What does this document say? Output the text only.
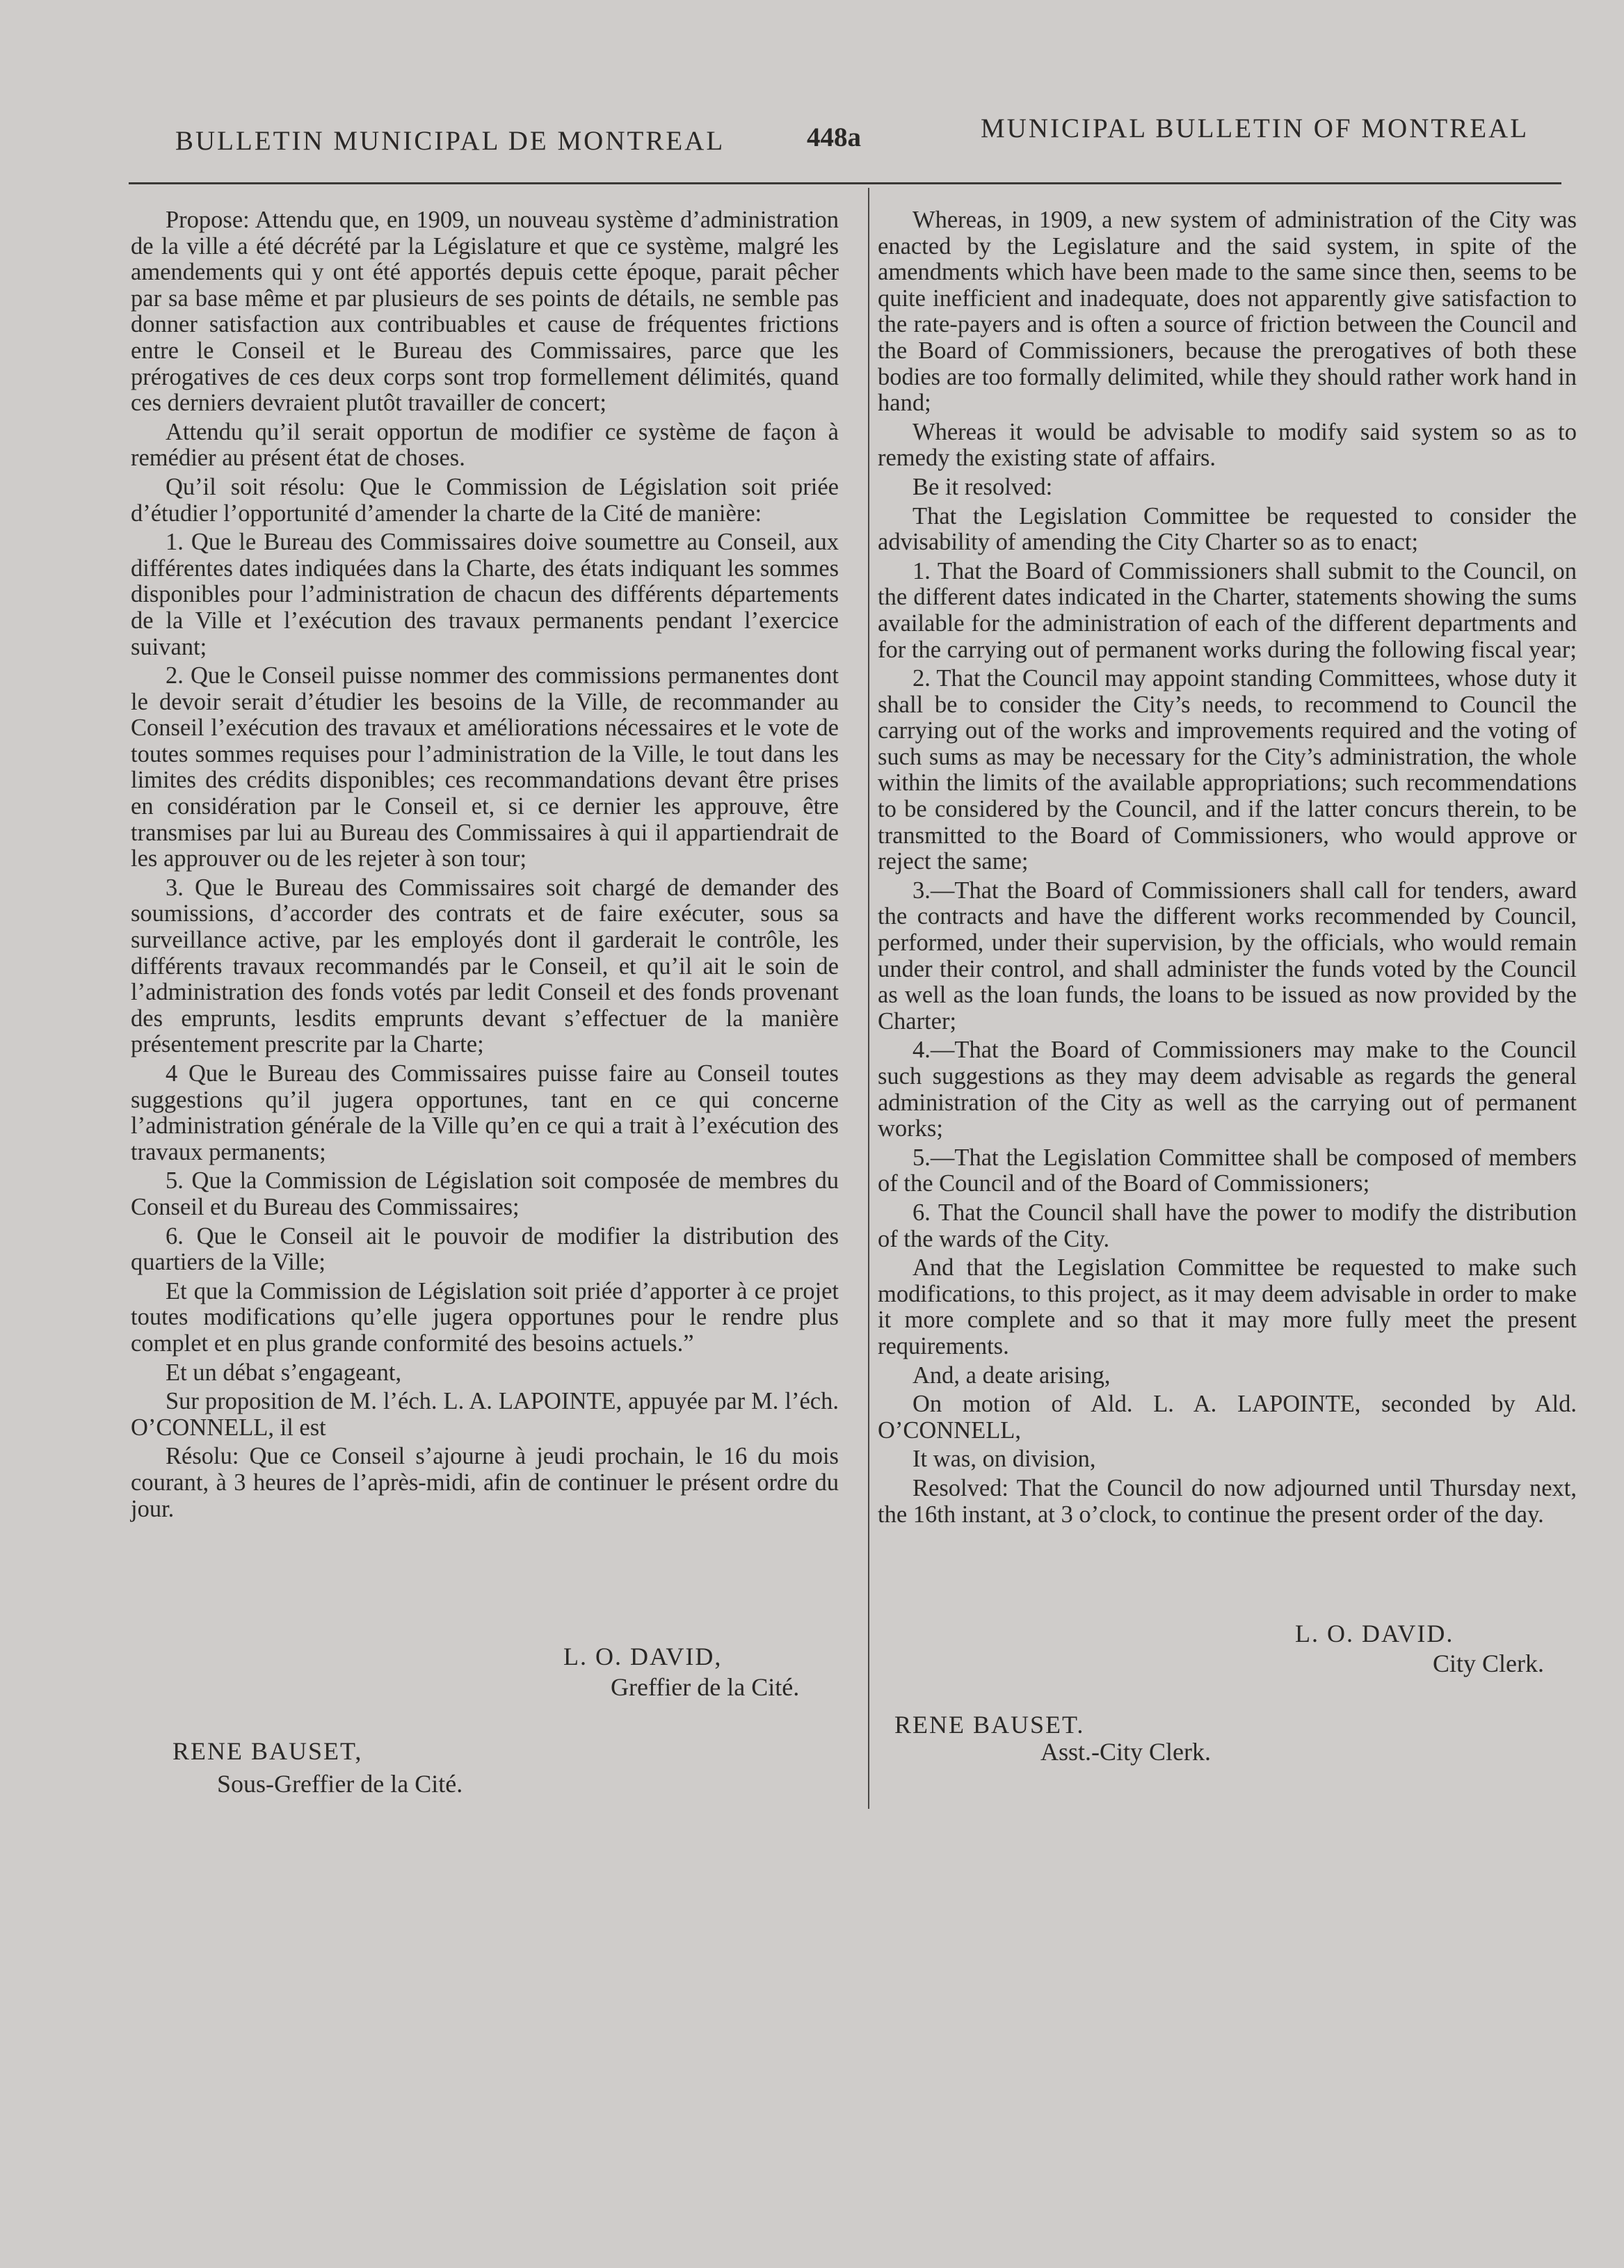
BULLETIN MUNICIPAL DE MONTREAL	448a	MUNICIPAL BULLETIN OF MONTREAL

Propose: Attendu que, en 1909, un nouveau système d’administration de la ville a été décrété par la Législature et que ce système, malgré les amendements qui y ont été apportés depuis cette époque, parait pêcher par sa base même et par plusieurs de ses points de détails, ne semble pas donner satisfaction aux contribuables et cause de fréquentes frictions entre le Conseil et le Bureau des Commissaires, parce que les prérogatives de ces deux corps sont trop formellement délimités, quand ces derniers devraient plutôt travailler de concert;

Attendu qu’il serait opportun de modifier ce système de façon à remédier au présent état de choses.

Qu’il soit résolu: Que le Commission de Législation soit priée d’étudier l’opportunité d’amender la charte de la Cité de manière:

1. Que le Bureau des Commissaires doive soumettre au Conseil, aux différentes dates indiquées dans la Charte, des états indiquant les sommes disponibles pour l’administration de chacun des différents départements de la Ville et l’exécution des travaux permanents pendant l’exercice suivant;

2. Que le Conseil puisse nommer des commissions permanentes dont le devoir serait d’étudier les besoins de la Ville, de recommander au Conseil l’exécution des travaux et améliorations nécessaires et le vote de toutes sommes requises pour l’administration de la Ville, le tout dans les limites des crédits disponibles; ces recommandations devant être prises en considération par le Conseil et, si ce dernier les approuve, être transmises par lui au Bureau des Commissaires à qui il appartiendrait de les approuver ou de les rejeter à son tour;

3. Que le Bureau des Commissaires soit chargé de demander des soumissions, d’accorder des contrats et de faire exécuter, sous sa surveillance active, par les employés dont il garderait le contrôle, les différents travaux recommandés par le Conseil, et qu’il ait le soin de l’administration des fonds votés par ledit Conseil et des fonds provenant des emprunts, lesdits emprunts devant s’effectuer de la manière présentement prescrite par la Charte;

4 Que le Bureau des Commissaires puisse faire au Conseil toutes suggestions qu’il jugera opportunes, tant en ce qui concerne l’administration générale de la Ville qu’en ce qui a trait à l’exécution des travaux permanents;

5. Que la Commission de Législation soit composée de membres du Conseil et du Bureau des Commissaires;

6. Que le Conseil ait le pouvoir de modifier la distribution des quartiers de la Ville;

Et que la Commission de Législation soit priée d’apporter à ce projet toutes modifications qu’elle jugera opportunes pour le rendre plus complet et en plus grande conformité des besoins actuels.”

Et un débat s’engageant,

Sur proposition de M. l’éch. L. A. LAPOINTE, appuyée par M. l’éch. O’CONNELL, il est

Résolu: Que ce Conseil s’ajourne à jeudi prochain, le 16 du mois courant, à 3 heures de l’après-midi, afin de continuer le présent ordre du jour.

Whereas, in 1909, a new system of administration of the City was enacted by the Legislature and the said system, in spite of the amendments which have been made to the same since then, seems to be quite inefficient and inadequate, does not apparently give satisfaction to the rate-payers and is often a source of friction between the Council and the Board of Commissioners, because the prerogatives of both these bodies are too formally delimited, while they should rather work hand in hand;

Whereas it would be advisable to modify said system so as to remedy the existing state of affairs.

Be it resolved:

That the Legislation Committee be requested to consider the advisability of amending the City Charter so as to enact;

1. That the Board of Commissioners shall submit to the Council, on the different dates indicated in the Charter, statements showing the sums available for the administration of each of the different departments and for the carrying out of permanent works during the following fiscal year;

2. That the Council may appoint standing Committees, whose duty it shall be to consider the City’s needs, to recommend to Council the carrying out of the works and improvements required and the voting of such sums as may be necessary for the City’s administration, the whole within the limits of the available appropriations; such recommendations to be considered by the Council, and if the latter concurs therein, to be transmitted to the Board of Commissioners, who would approve or reject the same;

3.—That the Board of Commissioners shall call for tenders, award the contracts and have the different works recommended by Council, performed, under their supervision, by the officials, who would remain under their control, and shall administer the funds voted by the Council as well as the loan funds, the loans to be issued as now provided by the Charter;

4.—That the Board of Commissioners may make to the Council such suggestions as they may deem advisable as regards the general administration of the City as well as the carrying out of permanent works;

5.—That the Legislation Committee shall be composed of members of the Council and of the Board of Commissioners;

6. That the Council shall have the power to modify the distribution of the wards of the City.

And that the Legislation Committee be requested to make such modifications, to this project, as it may deem advisable in order to make it more complete and so that it may more fully meet the present requirements.

And, a deate arising,

On motion of Ald. L. A. LAPOINTE, seconded by Ald. O’CONNELL,

It was, on division,

Resolved: That the Council do now adjourned until Thursday next, the 16th instant, at 3 o’clock, to continue the present order of the day.

L. O. DAVID,
Greffier de la Cité.
RENE BAUSET,
Sous-Greffier de la Cité.
L. O. DAVID.
City Clerk.
RENE BAUSET.
Asst.-City Clerk.
